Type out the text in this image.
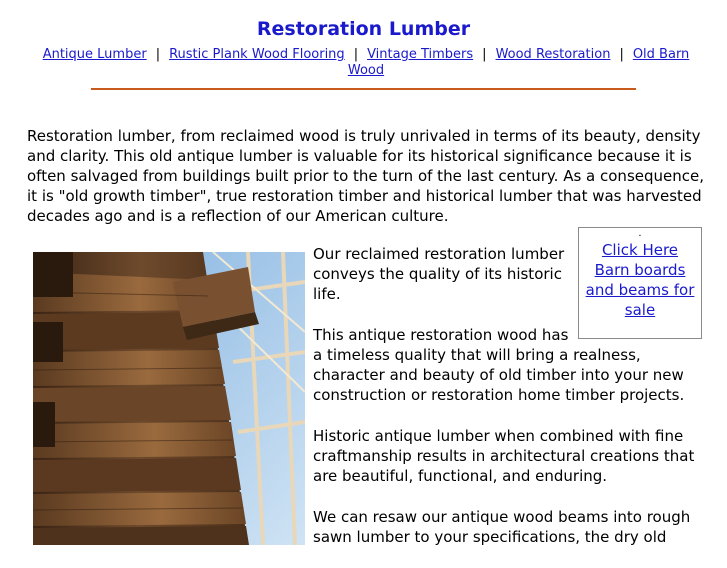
Restoration Lumber
Antique Lumber | Rustic Plank Wood Flooring | Vintage Timbers | Wood Restoration | Old Barn Wood

Restoration lumber, from reclaimed wood is truly unrivaled in terms of its beauty, density and clarity. This old antique lumber is valuable for its historical significance because it is often salvaged from buildings built prior to the turn of the last century. As a consequence, it is "old growth timber", true restoration timber and historical lumber that was harvested decades ago and is a reflection of our American culture.

Our reclaimed restoration lumber conveys the quality of its historic life.

This antique restoration wood has
a timeless quality that will bring a realness, character and beauty of old timber into your new construction or restoration home timber projects.

Historic antique lumber when combined with fine craftmanship results in architectural creations that are beautiful, functional, and enduring.

We can resaw our antique wood beams into rough sawn lumber to your specifications, the dry old

.
Click Here Barn boards and beams for sale
